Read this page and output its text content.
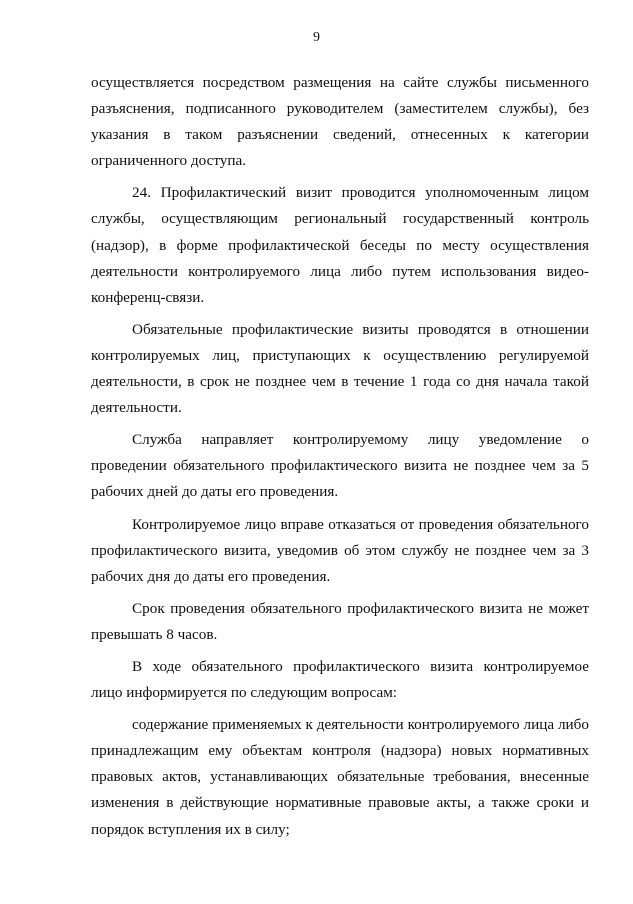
9

осуществляется посредством размещения на сайте службы письменного разъяснения, подписанного руководителем (заместителем службы), без указания в таком разъяснении сведений, отнесенных к категории ограниченного доступа.

24. Профилактический визит проводится уполномоченным лицом службы, осуществляющим региональный государственный контроль (надзор), в форме профилактической беседы по месту осуществления деятельности контролируемого лица либо путем использования видео-конференц-связи.

Обязательные профилактические визиты проводятся в отношении контролируемых лиц, приступающих к осуществлению регулируемой деятельности, в срок не позднее чем в течение 1 года со дня начала такой деятельности.

Служба направляет контролируемому лицу уведомление о проведении обязательного профилактического визита не позднее чем за 5 рабочих дней до даты его проведения.

Контролируемое лицо вправе отказаться от проведения обязательного профилактического визита, уведомив об этом службу не позднее чем за 3 рабочих дня до даты его проведения.

Срок проведения обязательного профилактического визита не может превышать 8 часов.

В ходе обязательного профилактического визита контролируемое лицо информируется по следующим вопросам:

содержание применяемых к деятельности контролируемого лица либо принадлежащим ему объектам контроля (надзора) новых нормативных правовых актов, устанавливающих обязательные требования, внесенные изменения в действующие нормативные правовые акты, а также сроки и порядок вступления их в силу;
